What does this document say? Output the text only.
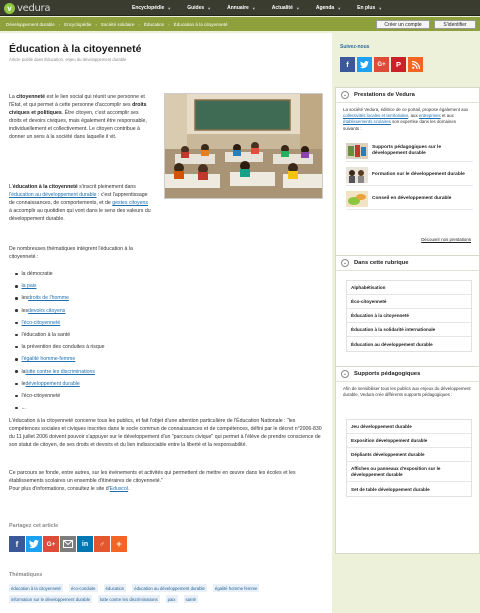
v vedura	Encyclopédie ▼	Guides ▼	Annuaire ▼	Actualité ▼	Agenda ▼	En plus ▼
Développement durable › Encyclopédie › Société solidaire › Éducation › Éducation à la citoyenneté	Créer un compte	S'identifier
Éducation à la citoyenneté
Article publié dans Éducation, enjeu du développement durable

La citoyenneté est le lien social qui réunit une personne et l'État, et qui permet à cette personne d'accomplir ses droits civiques et politiques. Être citoyen, c'est accomplir ses droits et devoirs civiques, mais également être responsable, individuellement et collectivement. Le citoyen contribue à donner un sens à la société dans laquelle il vit.

L'éducation à la citoyenneté s'inscrit pleinement dans l'éducation au développement durable : c'est l'apprentissage de connaissances, de comportements, et de gestes citoyens à accomplir au quotidien qui vont dans le sens des valeurs du développement durable.

De nombreuses thématiques intègrent l'éducation à la citoyenneté :

la démocratie
la paix
les droits de l'homme
les devoirs citoyens
l'éco-citoyenneté
l'éducation à la santé
la prévention des conduites à risque
l'égalité homme-femme
la lutte contre les discriminations
le développement durable
l'éco-citoyenneté
...

L'éducation à la citoyenneté concerne tous les publics, et fait l'objet d'une attention particulière de l'Éducation Nationale : "les compétences sociales et civiques inscrites dans le socle commun de connaissances et de compétences, défini par le décret n°2006-830 du 11 juillet 2006 doivent pouvoir s'appuyer sur le développement d'un "parcours civique" qui permet à l'élève de prendre conscience de son statut de citoyen, de ses droits et devoirs et du lien indissociable entre la liberté et la responsabilité.

Ce parcours se fonde, entre autres, sur les événements et activités qui permettent de mettre en œuvre dans les écoles et les établissements scolaires un ensemble d'itinéraires de citoyenneté."

Pour plus d'informations, consultez le site d'Eduscol.

Partagez cet article
f	G+	in	♂	+
Thématiques
éducation à la citoyenneté	éco-conduite	éducation	éducation au développement durable	égalité homme femme
information sur le développement durable	lutte contre les discriminations	paix	santé
Suivez-nous
f	G+	P
⌄	Prestations de Vedura
La société Vedura, éditrice de ce portail, propose également aux collectivités locales et territoriales, aux entreprises et aux établissements scolaires son expertise dans les domaines suivants :
Supports pédagogiques sur le développement durable
Formation sur le développement durable
Conseil en développement durable
Découvrir nos prestations
⌄	Dans cette rubrique
Alphabétisation
Éco-citoyenneté
Éducation à la citoyenneté
Éducation à la solidarité internationale
Éducation au développement durable
⌄	Supports pédagogiques
Afin de sensibiliser tous les publics aux enjeux du développement durable, Vedura crée différents supports pédagogiques :
Jeu développement durable
Exposition développement durable
Dépliants développement durable
Affiches ou panneaux d'exposition sur le développement durable
Set de table développement durable
